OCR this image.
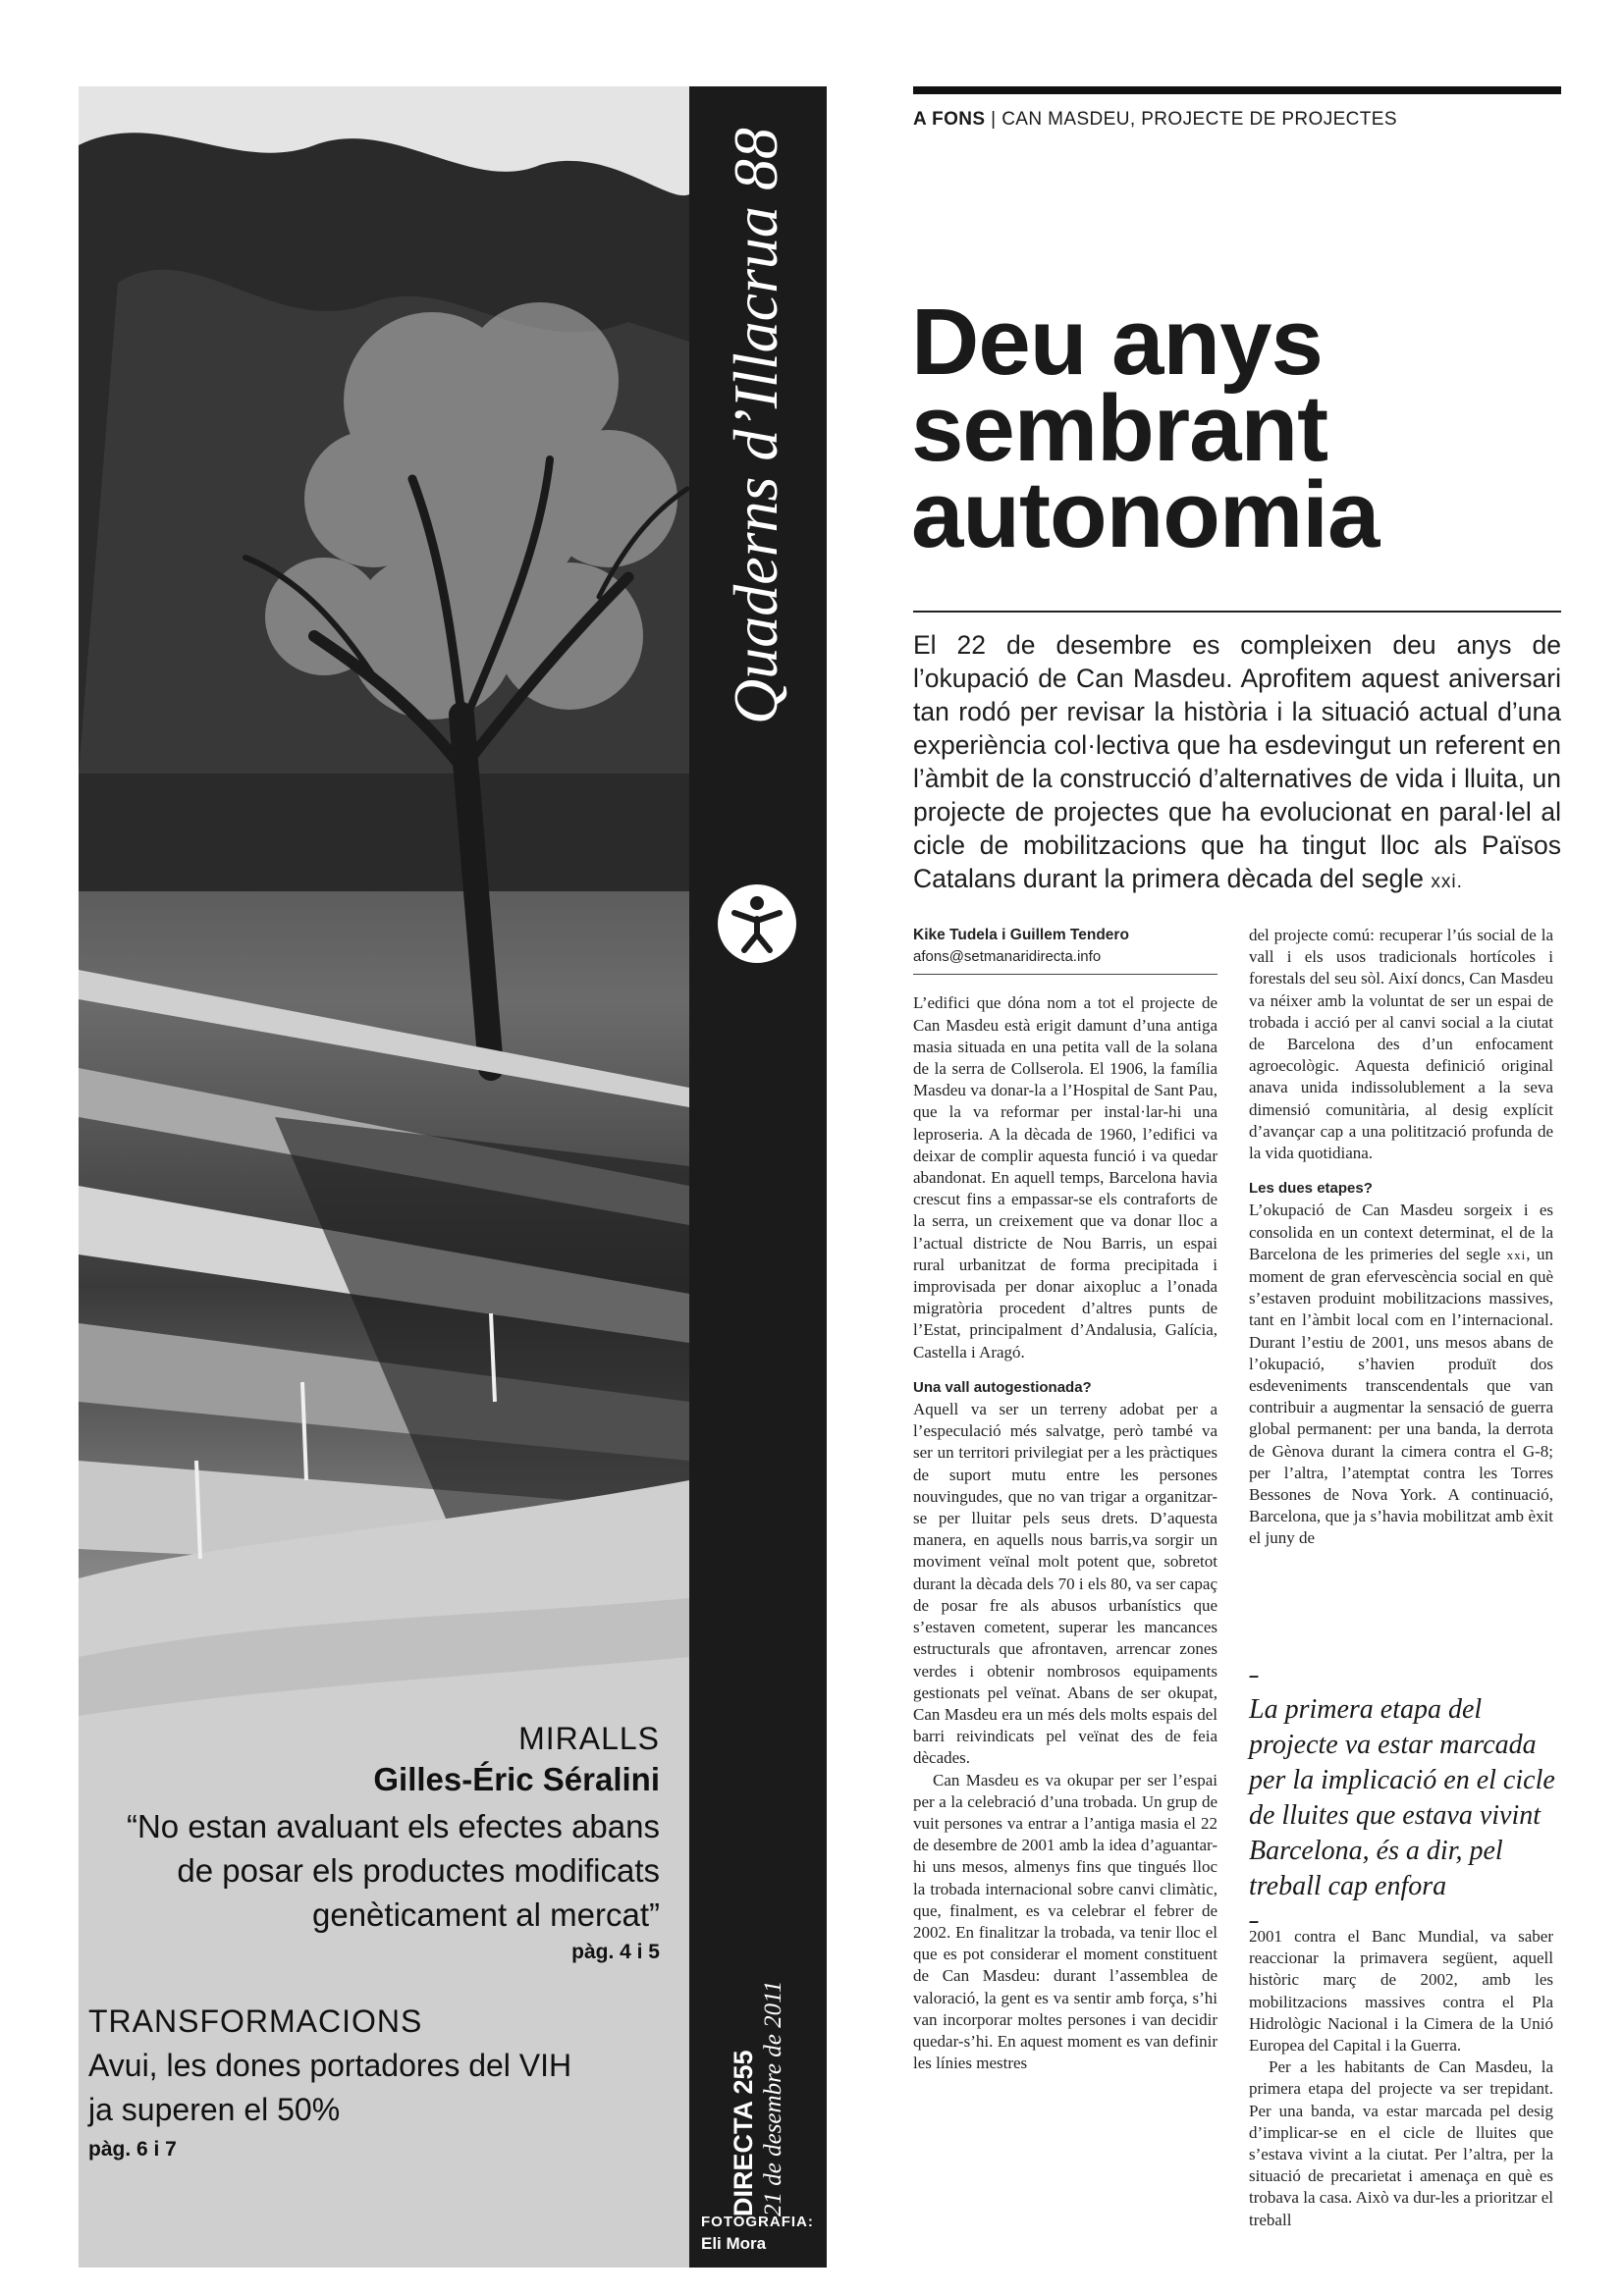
MIRALLS
Gilles-Éric Séralini
“No estan avaluant els efectes abans de posar els productes modificats genèticament al mercat”
pàg. 4 i 5
TRANSFORMACIONS
Avui, les dones portadores del VIH ja superen el 50%
pàg. 6 i 7
Quaderns d’Illacrua 88
DIRECTA 255 21 de desembre de 2011
FOTOGRAFIA:
Eli Mora
A FONS | CAN MASDEU, PROJECTE DE PROJECTES
Deu anys
sembrant
autonomia
El 22 de desembre es compleixen deu anys de l’okupació de Can Masdeu. Aprofitem aquest aniversari tan rodó per revisar la història i la situació actual d’una experiència col·lectiva que ha esdevingut un referent en l’àmbit de la construcció d’alternatives de vida i lluita, un projecte de projectes que ha evolucionat en paral·lel al cicle de mobilitzacions que ha tingut lloc als Països Catalans durant la primera dècada del segle xxi.
Kike Tudela i Guillem Tendero
afons@setmanaridirecta.info

L’edifici que dóna nom a tot el projecte de Can Masdeu està erigit damunt d’una antiga masia situada en una petita vall de la solana de la serra de Collserola. El 1906, la família Masdeu va donar-la a l’Hospital de Sant Pau, que la va reformar per instal·lar-hi una leproseria. A la dècada de 1960, l’edifici va deixar de complir aquesta funció i va quedar abandonat. En aquell temps, Barcelona havia crescut fins a empassar-se els contraforts de la serra, un creixement que va donar lloc a l’actual districte de Nou Barris, un espai rural urbanitzat de forma precipitada i improvisada per donar aixopluc a l’onada migratòria procedent d’altres punts de l’Estat, principalment d’Andalusia, Galícia, Castella i Aragó.

Una vall autogestionada?

Aquell va ser un terreny adobat per a l’especulació més salvatge, però també va ser un territori privilegiat per a les pràctiques de suport mutu entre les persones nouvingudes, que no van trigar a organitzar-se per lluitar pels seus drets. D’aquesta manera, en aquells nous barris,va sorgir un moviment veïnal molt potent que, sobretot durant la dècada dels 70 i els 80, va ser capaç de posar fre als abusos urbanístics que s’estaven cometent, superar les mancances estructurals que afrontaven, arrencar zones verdes i obtenir nombrosos equipaments gestionats pel veïnat. Abans de ser okupat, Can Masdeu era un més dels molts espais del barri reivindicats pel veïnat des de feia dècades.

Can Masdeu es va okupar per ser l’espai per a la celebració d’una trobada. Un grup de vuit persones va entrar a l’antiga masia el 22 de desembre de 2001 amb la idea d’aguantar-hi uns mesos, almenys fins que tingués lloc la trobada internacional sobre canvi climàtic, que, finalment, es va celebrar el febrer de 2002. En finalitzar la trobada, va tenir lloc el que es pot considerar el moment constituent de Can Masdeu: durant l’assemblea de valoració, la gent es va sentir amb força, s’hi van incorporar moltes persones i van decidir quedar-s’hi. En aquest moment es van definir les línies mestres

del projecte comú: recuperar l’ús social de la vall i els usos tradicionals hortícoles i forestals del seu sòl. Així doncs, Can Masdeu va néixer amb la voluntat de ser un espai de trobada i acció per al canvi social a la ciutat de Barcelona des d’un enfocament agroecològic. Aquesta definició original anava unida indissolublement a la seva dimensió comunitària, al desig explícit d’avançar cap a una politització profunda de la vida quotidiana.

Les dues etapes?

L’okupació de Can Masdeu sorgeix i es consolida en un context determinat, el de la Barcelona de les primeries del segle xxi, un moment de gran efervescència social en què s’estaven produint mobilitzacions massives, tant en l’àmbit local com en l’internacional. Durant l’estiu de 2001, uns mesos abans de l’okupació, s’havien produït dos esdeveniments transcendentals que van contribuir a augmentar la sensació de guerra global permanent: per una banda, la derrota de Gènova durant la cimera contra el G-8; per l’altra, l’atemptat contra les Torres Bessones de Nova York. A continuació, Barcelona, que ja s’havia mobilitzat amb èxit el juny de

–
La primera etapa del projecte va estar marcada per la implicació en el cicle de lluites que estava vivint Barcelona, és a dir, pel treball cap enfora
–

2001 contra el Banc Mundial, va saber reaccionar la primavera següent, aquell històric març de 2002, amb les mobilitzacions massives contra el Pla Hidrològic Nacional i la Cimera de la Unió Europea del Capital i la Guerra.

Per a les habitants de Can Masdeu, la primera etapa del projecte va ser trepidant. Per una banda, va estar marcada pel desig d’implicar-se en el cicle de lluites que s’estava vivint a la ciutat. Per l’altra, per la situació de precarietat i amenaça en què es trobava la casa. Això va dur-les a prioritzar el treball
